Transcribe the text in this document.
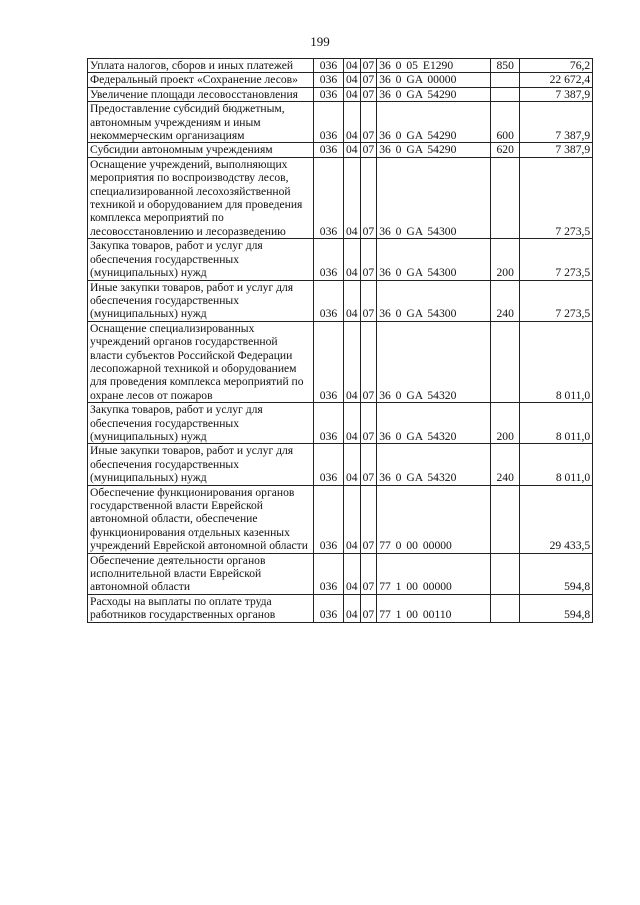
199
Уплата налогов, сборов и иных платежей	036	04	07	36 0 05 E1290	850	76,2
Федеральный проект «Сохранение лесов»	036	04	07	36 0 GA 00000		22 672,4
Увеличение площади лесовосстановления	036	04	07	36 0 GA 54290		7 387,9
Предоставление субсидий бюджетным, автономным учреждениям и иным некоммерческим организациям	036	04	07	36 0 GA 54290	600	7 387,9
Субсидии автономным учреждениям	036	04	07	36 0 GA 54290	620	7 387,9
Оснащение учреждений, выполняющих мероприятия по воспроизводству лесов, специализированной лесохозяйственной техникой и оборудованием для проведения комплекса мероприятий по лесовосстановлению и лесоразведению	036	04	07	36 0 GA 54300		7 273,5
Закупка товаров, работ и услуг для обеспечения государственных (муниципальных) нужд	036	04	07	36 0 GA 54300	200	7 273,5
Иные закупки товаров, работ и услуг для обеспечения государственных (муниципальных) нужд	036	04	07	36 0 GA 54300	240	7 273,5
Оснащение специализированных учреждений органов государственной власти субъектов Российской Федерации лесопожарной техникой и оборудованием для проведения комплекса мероприятий по охране лесов от пожаров	036	04	07	36 0 GA 54320		8 011,0
Закупка товаров, работ и услуг для обеспечения государственных (муниципальных) нужд	036	04	07	36 0 GA 54320	200	8 011,0
Иные закупки товаров, работ и услуг для обеспечения государственных (муниципальных) нужд	036	04	07	36 0 GA 54320	240	8 011,0
Обеспечение функционирования органов государственной власти Еврейской автономной области, обеспечение функционирования отдельных казенных учреждений Еврейской автономной области	036	04	07	77 0 00 00000		29 433,5
Обеспечение деятельности органов исполнительной власти Еврейской автономной области	036	04	07	77 1 00 00000		594,8
Расходы на выплаты по оплате труда работников государственных органов	036	04	07	77 1 00 00110		594,8
